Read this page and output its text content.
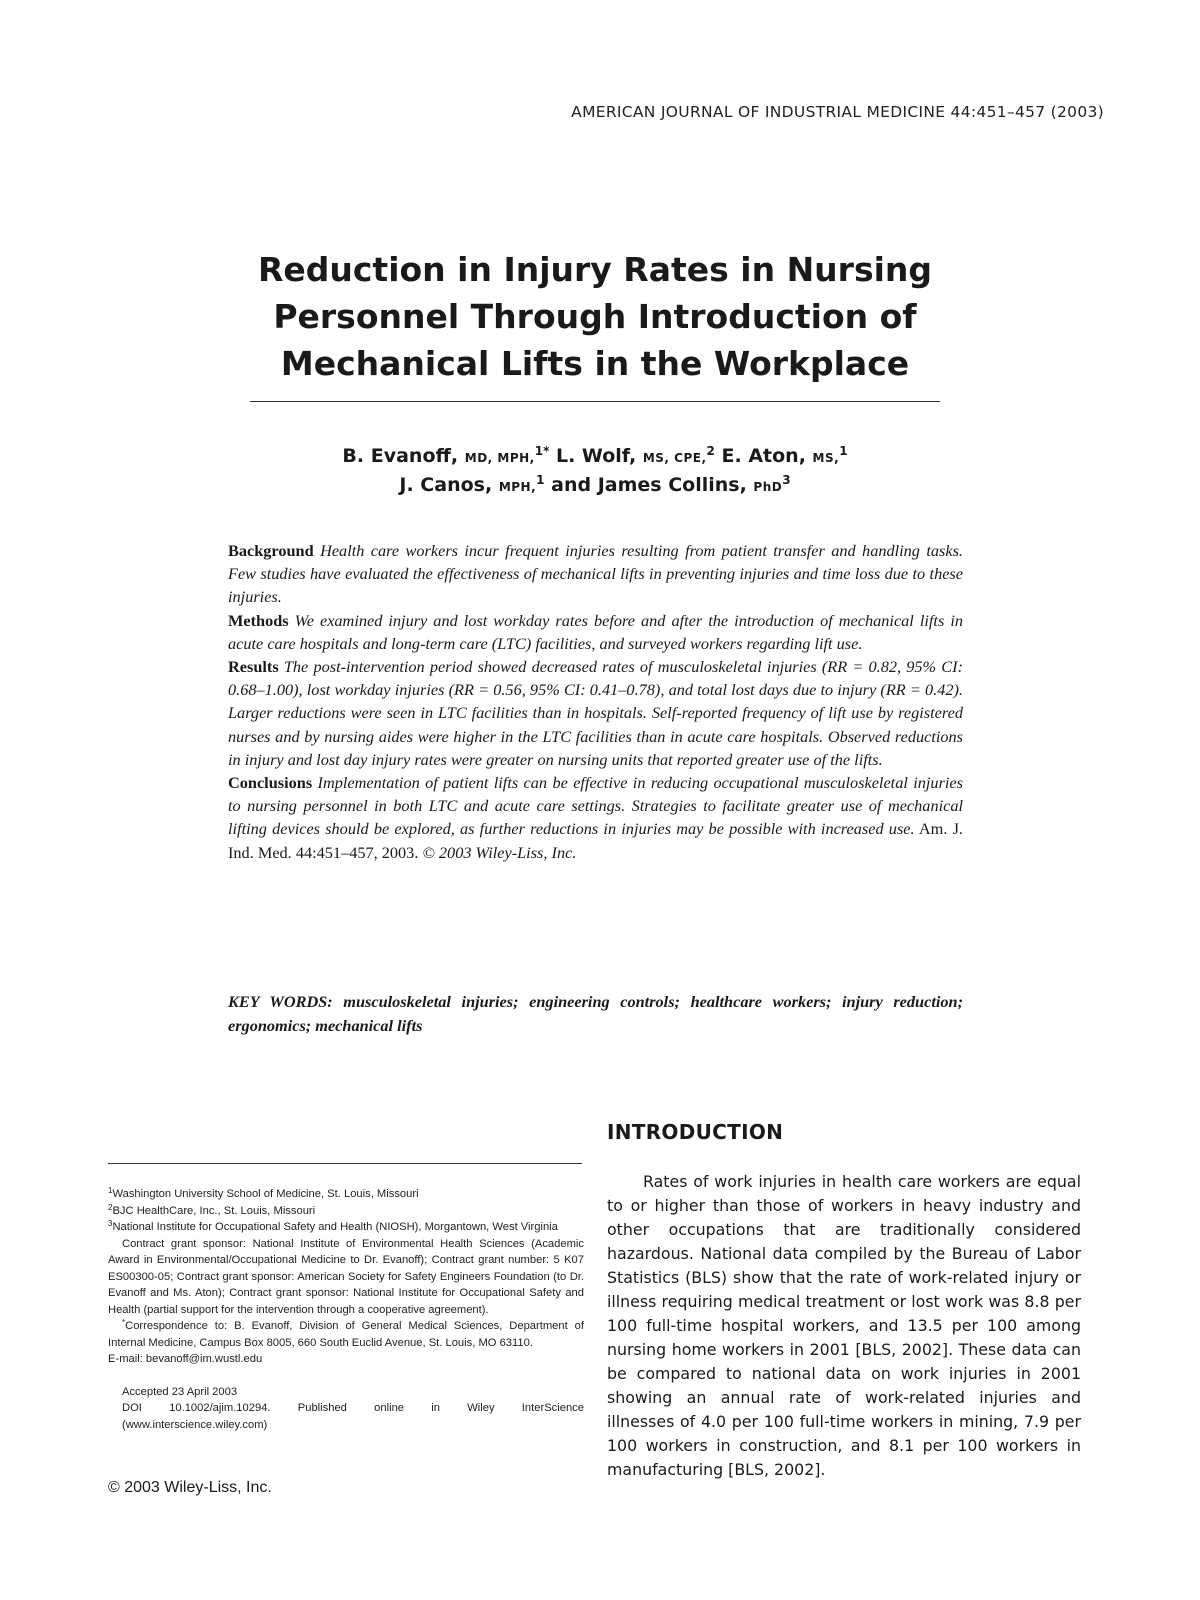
AMERICAN JOURNAL OF INDUSTRIAL MEDICINE 44:451–457 (2003)
Reduction in Injury Rates in Nursing
Personnel Through Introduction of
Mechanical Lifts in the Workplace
B. Evanoff, MD, MPH,$^{1*}$ L. Wolf, MS, CPE,$^2$ E. Aton, MS,$^1$
J. Canos, MPH,$^1$ and James Collins, PhD$^3$

Background Health care workers incur frequent injuries resulting from patient transfer and handling tasks. Few studies have evaluated the effectiveness of mechanical lifts in preventing injuries and time loss due to these injuries.

Methods We examined injury and lost workday rates before and after the introduction of mechanical lifts in acute care hospitals and long-term care (LTC) facilities, and surveyed workers regarding lift use.

Results The post-intervention period showed decreased rates of musculoskeletal injuries (RR = 0.82, 95% CI: 0.68–1.00), lost workday injuries (RR = 0.56, 95% CI: 0.41–0.78), and total lost days due to injury (RR = 0.42). Larger reductions were seen in LTC facilities than in hospitals. Self-reported frequency of lift use by registered nurses and by nursing aides were higher in the LTC facilities than in acute care hospitals. Observed reductions in injury and lost day injury rates were greater on nursing units that reported greater use of the lifts.

Conclusions Implementation of patient lifts can be effective in reducing occupational musculoskeletal injuries to nursing personnel in both LTC and acute care settings. Strategies to facilitate greater use of mechanical lifting devices should be explored, as further reductions in injuries may be possible with increased use. Am. J. Ind. Med. 44:451–457, 2003. © 2003 Wiley-Liss, Inc.

KEY WORDS: musculoskeletal injuries; engineering controls; healthcare workers; injury reduction; ergonomics; mechanical lifts
INTRODUCTION

Rates of work injuries in health care workers are equal to or higher than those of workers in heavy industry and other occupations that are traditionally considered hazardous. National data compiled by the Bureau of Labor Statistics (BLS) show that the rate of work-related injury or illness requiring medical treatment or lost work was 8.8 per 100 full-time hospital workers, and 13.5 per 100 among nursing home workers in 2001 [BLS, 2002]. These data can be compared to national data on work injuries in 2001 showing an annual rate of work-related injuries and illnesses of 4.0 per 100 full-time workers in mining, 7.9 per 100 workers in construction, and 8.1 per 100 workers in manufacturing [BLS, 2002].

$^1$Washington University School of Medicine, St. Louis, Missouri

$^2$BJC HealthCare, Inc., St. Louis, Missouri

$^3$National Institute for Occupational Safety and Health (NIOSH), Morgantown, West Virginia

Contract grant sponsor: National Institute of Environmental Health Sciences (Academic Award in Environmental/Occupational Medicine to Dr. Evanoff); Contract grant number: 5 K07 ES00300-05; Contract grant sponsor: American Society for Safety Engineers Foundation (to Dr. Evanoff and Ms. Aton); Contract grant sponsor: National Institute for Occupational Safety and Health (partial support for the intervention through a cooperative agreement).

*Correspondence to: B. Evanoff, Division of General Medical Sciences, Department of Internal Medicine, Campus Box 8005, 660 South Euclid Avenue, St. Louis, MO 63110.

E-mail: bevanoff@im.wustl.edu

Accepted 23 April 2003

DOI 10.1002/ajim.10294. Published online in Wiley InterScience (www.interscience.wiley.com)

© 2003 Wiley-Liss, Inc.
